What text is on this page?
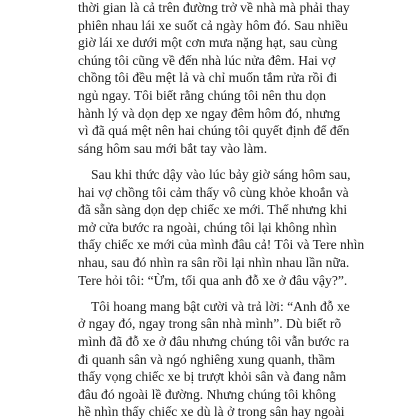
thời gian là cả trên đường trở về nhà mà phải thay
phiên nhau lái xe suốt cả ngày hôm đó. Sau nhiều
giờ lái xe dưới một cơn mưa nặng hạt, sau cùng
chúng tôi cũng về đến nhà lúc nửa đêm. Hai vợ
chồng tôi đều mệt lả và chỉ muốn tắm rửa rồi đi
ngủ ngay. Tôi biết rằng chúng tôi nên thu dọn
hành lý và dọn dẹp xe ngay đêm hôm đó, nhưng
vì đã quá mệt nên hai chúng tôi quyết định để đến
sáng hôm sau mới bắt tay vào làm.
Sau khi thức dậy vào lúc bảy giờ sáng hôm sau,
hai vợ chồng tôi cảm thấy vô cùng khỏe khoắn và
đã sẵn sàng dọn dẹp chiếc xe mới. Thế nhưng khi
mở cửa bước ra ngoài, chúng tôi lại không nhìn
thấy chiếc xe mới của mình đâu cả! Tôi và Tere nhìn
nhau, sau đó nhìn ra sân rồi lại nhìn nhau lần nữa.
Tere hỏi tôi: “Ừm, tối qua anh đỗ xe ở đâu vậy?”.
Tôi hoang mang bật cười và trả lời: “Anh đỗ xe
ở ngay đó, ngay trong sân nhà mình”. Dù biết rõ
mình đã đỗ xe ở đâu nhưng chúng tôi vẫn bước ra
đi quanh sân và ngó nghiêng xung quanh, thầm
thấy vọng chiếc xe bị trượt khỏi sân và đang nằm
đâu đó ngoài lề đường. Nhưng chúng tôi không
hề nhìn thấy chiếc xe dù là ở trong sân hay ngoài
